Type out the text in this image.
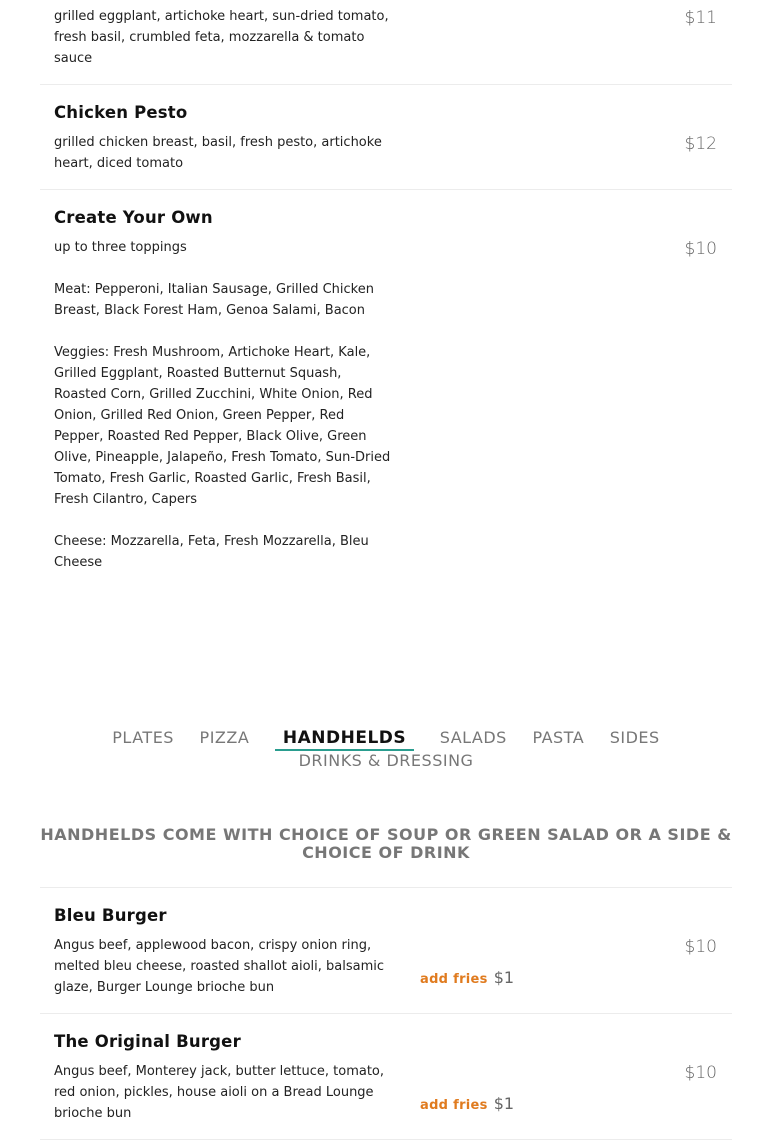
grilled eggplant, artichoke heart, sun-dried tomato, fresh basil, crumbled feta, mozzarella & tomato sauce
$11
Chicken Pesto
grilled chicken breast, basil, fresh pesto, artichoke heart, diced tomato
$12
Create Your Own

up to three toppings

Meat: Pepperoni, Italian Sausage, Grilled Chicken Breast, Black Forest Ham, Genoa Salami, Bacon

Veggies: Fresh Mushroom, Artichoke Heart, Kale, Grilled Eggplant, Roasted Butternut Squash, Roasted Corn, Grilled Zucchini, White Onion, Red Onion, Grilled Red Onion, Green Pepper, Red Pepper, Roasted Red Pepper, Black Olive, Green Olive, Pineapple, Jalapeño, Fresh Tomato, Sun-Dried Tomato, Fresh Garlic, Roasted Garlic, Fresh Basil, Fresh Cilantro, Capers

Cheese: Mozzarella, Feta, Fresh Mozzarella, Bleu Cheese

$10
PLATES PIZZA HANDHELDS SALADS PASTA SIDES DRINKS & DRESSING
HANDHELDS COME WITH CHOICE OF SOUP OR GREEN SALAD OR A SIDE & CHOICE OF DRINK
Bleu Burger
Angus beef, applewood bacon, crispy onion ring, melted bleu cheese, roasted shallot aioli, balsamic glaze, Burger Lounge brioche bun
add fries $1
$10
The Original Burger
Angus beef, Monterey jack, butter lettuce, tomato, red onion, pickles, house aioli on a Bread Lounge brioche bun
add fries $1
$10
